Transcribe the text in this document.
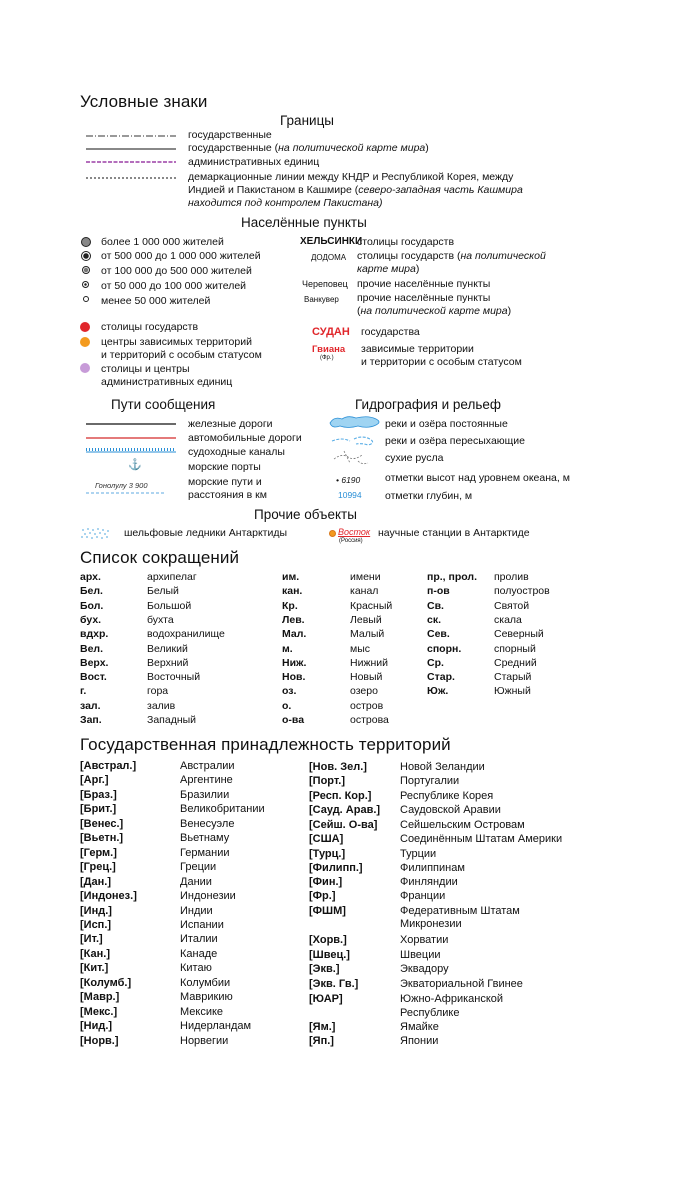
Условные знаки
Границы
государственные
государственные (на политической карте мира)
административных единиц
демаркационные линии между КНДР и Республикой Корея, между
Индией и Пакистаном в Кашмире (северо-западная часть Кашмира
находится под контролем Пакистана)
Населённые пункты
более 1 000 000 жителей
от 500 000 до 1 000 000 жителей
от 100 000 до 500 000 жителей
от 50 000 до 100 000 жителей
менее 50 000 жителей
столицы государств
центры зависимых территорий
и территорий с особым статусом
столицы и центры
административных единиц
ХЕЛЬСИНКИ
ДОДОМА
Череповец
Ванкувер
СУДАН
Гвиана
(Фр.)
столицы государств
столицы государств (на политической
карте мира)
прочие населённые пункты
прочие населённые пункты
(на политической карте мира)
государства
зависимые территории
и территории с особым статусом
Пути сообщения
⚓
Гонолулу 3 900
железные дороги
автомобильные дороги
судоходные каналы
морские порты
морские пути и
расстояния в км
Гидрография и рельеф
• 6190
10994
реки и озёра постоянные
реки и озёра пересыхающие
сухие русла
отметки высот над уровнем океана, м
отметки глубин, м
Прочие объекты
шельфовые ледники Антарктиды	Восток
(Россия)
научные станции в Антарктиде
Список сокращений
арх.	архипелаг
Бел.	Белый
Бол.	Большой
бух.	бухта
вдхр.	водохранилище
Вел.	Великий
Верх.	Верхний
Вост.	Восточный
г.	гора
зал.	залив
Зап.	Западный
им.	имени
кан.	канал
Кр.	Красный
Лев.	Левый
Мал.	Малый
м.	мыс
Ниж.	Нижний
Нов.	Новый
оз.	озеро
о.	остров
о-ва	острова
пр., прол. пролив
п-ов	полуостров
Св.	Святой
ск.	скала
Сев.	Северный
спорн.	спорный
Ср.	Средний
Стар.	Старый
Юж.	Южный
Государственная принадлежность территорий
[Австрал.]	Австралии
[Арг.]	Аргентине
[Браз.]	Бразилии
[Брит.]	Великобритании
[Венес.]	Венесуэле
[Вьетн.]	Вьетнаму
[Герм.]	Германии
[Грец.]	Греции
[Дан.]	Дании
[Индонез.]	Индонезии
[Инд.]	Индии
[Исп.]	Испании
[Ит.]	Италии
[Кан.]	Канаде
[Кит.]	Китаю
[Колумб.]	Колумбии
[Мавр.]	Маврикию
[Мекс.]	Мексике
[Нид.]	Нидерландам
[Норв.]	Норвегии
[Нов. Зел.]	Новой Зеландии
[Порт.]	Португалии
[Респ. Кор.]	Республике Корея
[Сауд. Арав.] Саудовской Аравии
[Сейш. О-ва] Сейшельским Островам
[США]	Соединённым Штатам Америки
[Турц.]	Турции
[Филипп.]	Филиппинам
[Фин.]	Финляндии
[Фр.]	Франции
[ФШМ]	Федеративным Штатам
Микронезии
[Хорв.]	Хорватии
[Швец.]	Швеции
[Экв.]	Эквадору
[Экв. Гв.]	Экваториальной Гвинее
[ЮАР]	Южно-Африканской
Республике
[Ям.]	Ямайке
[Яп.]	Японии
